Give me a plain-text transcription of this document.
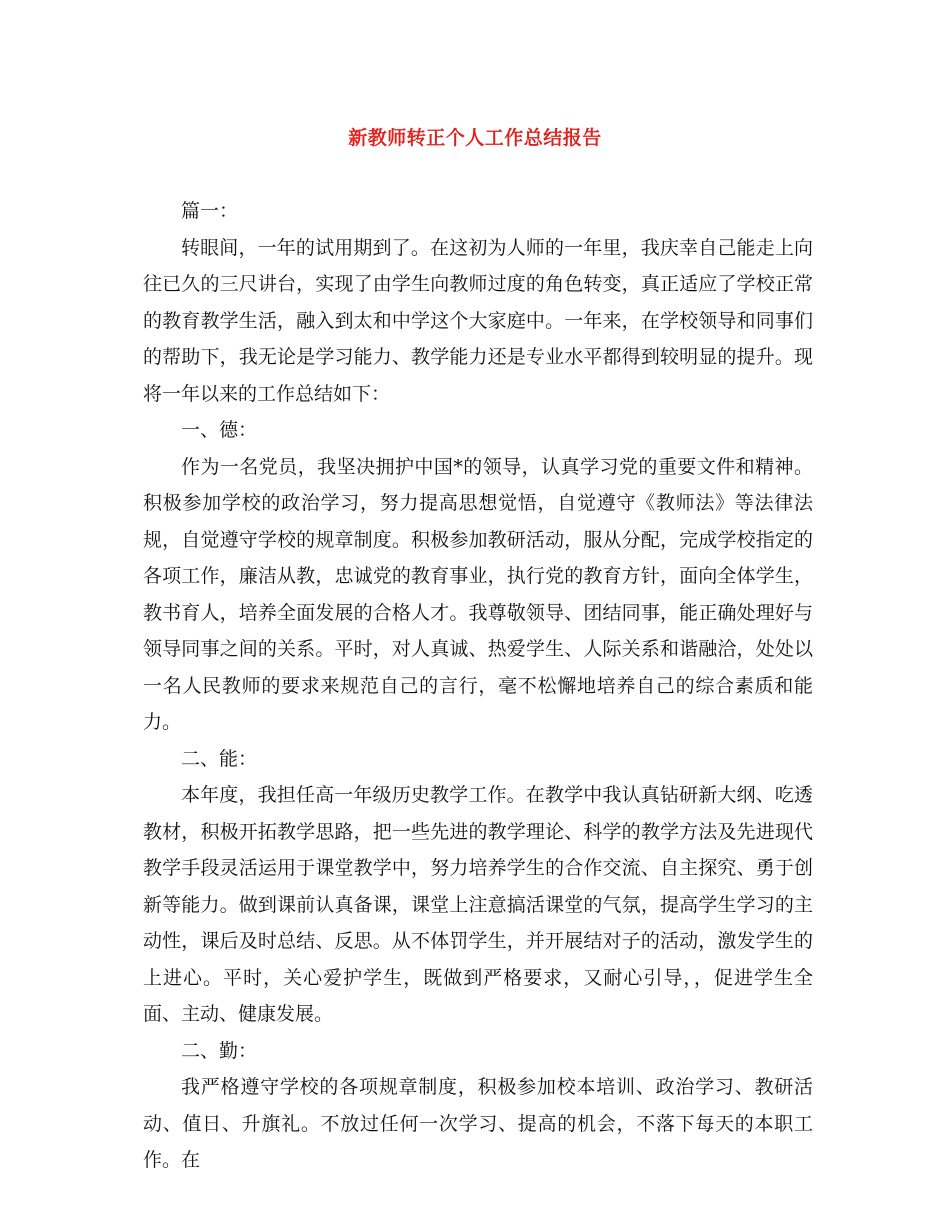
新教师转正个人工作总结报告

篇一：

转眼间，一年的试用期到了。在这初为人师的一年里，我庆幸自己能走上向往已久的三尺讲台，实现了由学生向教师过度的角色转变，真正适应了学校正常的教育教学生活，融入到太和中学这个大家庭中。一年来，在学校领导和同事们的帮助下，我无论是学习能力、教学能力还是专业水平都得到较明显的提升。现将一年以来的工作总结如下：

一、德：

作为一名党员，我坚决拥护中国*的领导，认真学习党的重要文件和精神。积极参加学校的政治学习，努力提高思想觉悟，自觉遵守《教师法》等法律法规，自觉遵守学校的规章制度。积极参加教研活动，服从分配，完成学校指定的各项工作，廉洁从教，忠诚党的教育事业，执行党的教育方针，面向全体学生，教书育人，培养全面发展的合格人才。我尊敬领导、团结同事，能正确处理好与领导同事之间的关系。平时，对人真诚、热爱学生、人际关系和谐融洽，处处以一名人民教师的要求来规范自己的言行，毫不松懈地培养自己的综合素质和能力。

二、能：

本年度，我担任高一年级历史教学工作。在教学中我认真钻研新大纲、吃透教材，积极开拓教学思路，把一些先进的教学理论、科学的教学方法及先进现代教学手段灵活运用于课堂教学中，努力培养学生的合作交流、自主探究、勇于创新等能力。做到课前认真备课，课堂上注意搞活课堂的气氛，提高学生学习的主动性，课后及时总结、反思。从不体罚学生，并开展结对子的活动，激发学生的上进心。平时，关心爱护学生，既做到严格要求，又耐心引导，，促进学生全面、主动、健康发展。

二、勤：

我严格遵守学校的各项规章制度，积极参加校本培训、政治学习、教研活动、值日、升旗礼。不放过任何一次学习、提高的机会，不落下每天的本职工作。在
